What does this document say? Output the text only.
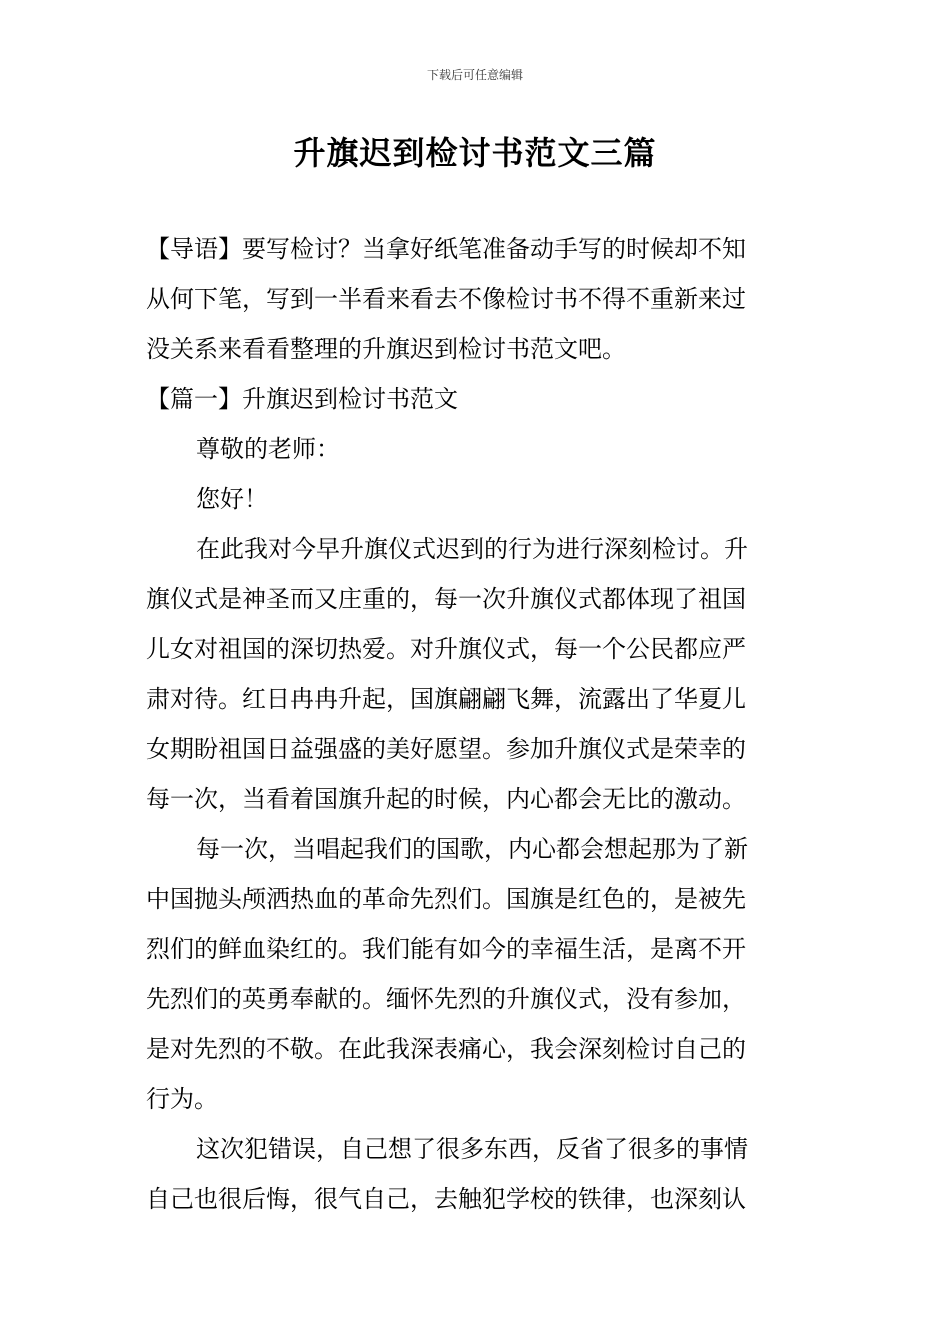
下载后可任意编辑
升旗迟到检讨书范文三篇
【导语】要写检讨？当拿好纸笔准备动手写的时候却不知
从何下笔，写到一半看来看去不像检讨书不得不重新来过
没关系来看看整理的升旗迟到检讨书范文吧。
【篇一】升旗迟到检讨书范文
尊敬的老师：
您好！
在此我对今早升旗仪式迟到的行为进行深刻检讨。升
旗仪式是神圣而又庄重的，每一次升旗仪式都体现了祖国
儿女对祖国的深切热爱。对升旗仪式，每一个公民都应严
肃对待。红日冉冉升起，国旗翩翩飞舞，流露出了华夏儿
女期盼祖国日益强盛的美好愿望。参加升旗仪式是荣幸的
每一次，当看着国旗升起的时候，内心都会无比的激动。
每一次，当唱起我们的国歌，内心都会想起那为了新
中国抛头颅洒热血的革命先烈们。国旗是红色的，是被先
烈们的鲜血染红的。我们能有如今的幸福生活，是离不开
先烈们的英勇奉献的。缅怀先烈的升旗仪式，没有参加，
是对先烈的不敬。在此我深表痛心，我会深刻检讨自己的
行为。
这次犯错误，自己想了很多东西，反省了很多的事情
自己也很后悔，很气自己，去触犯学校的铁律，也深刻认
